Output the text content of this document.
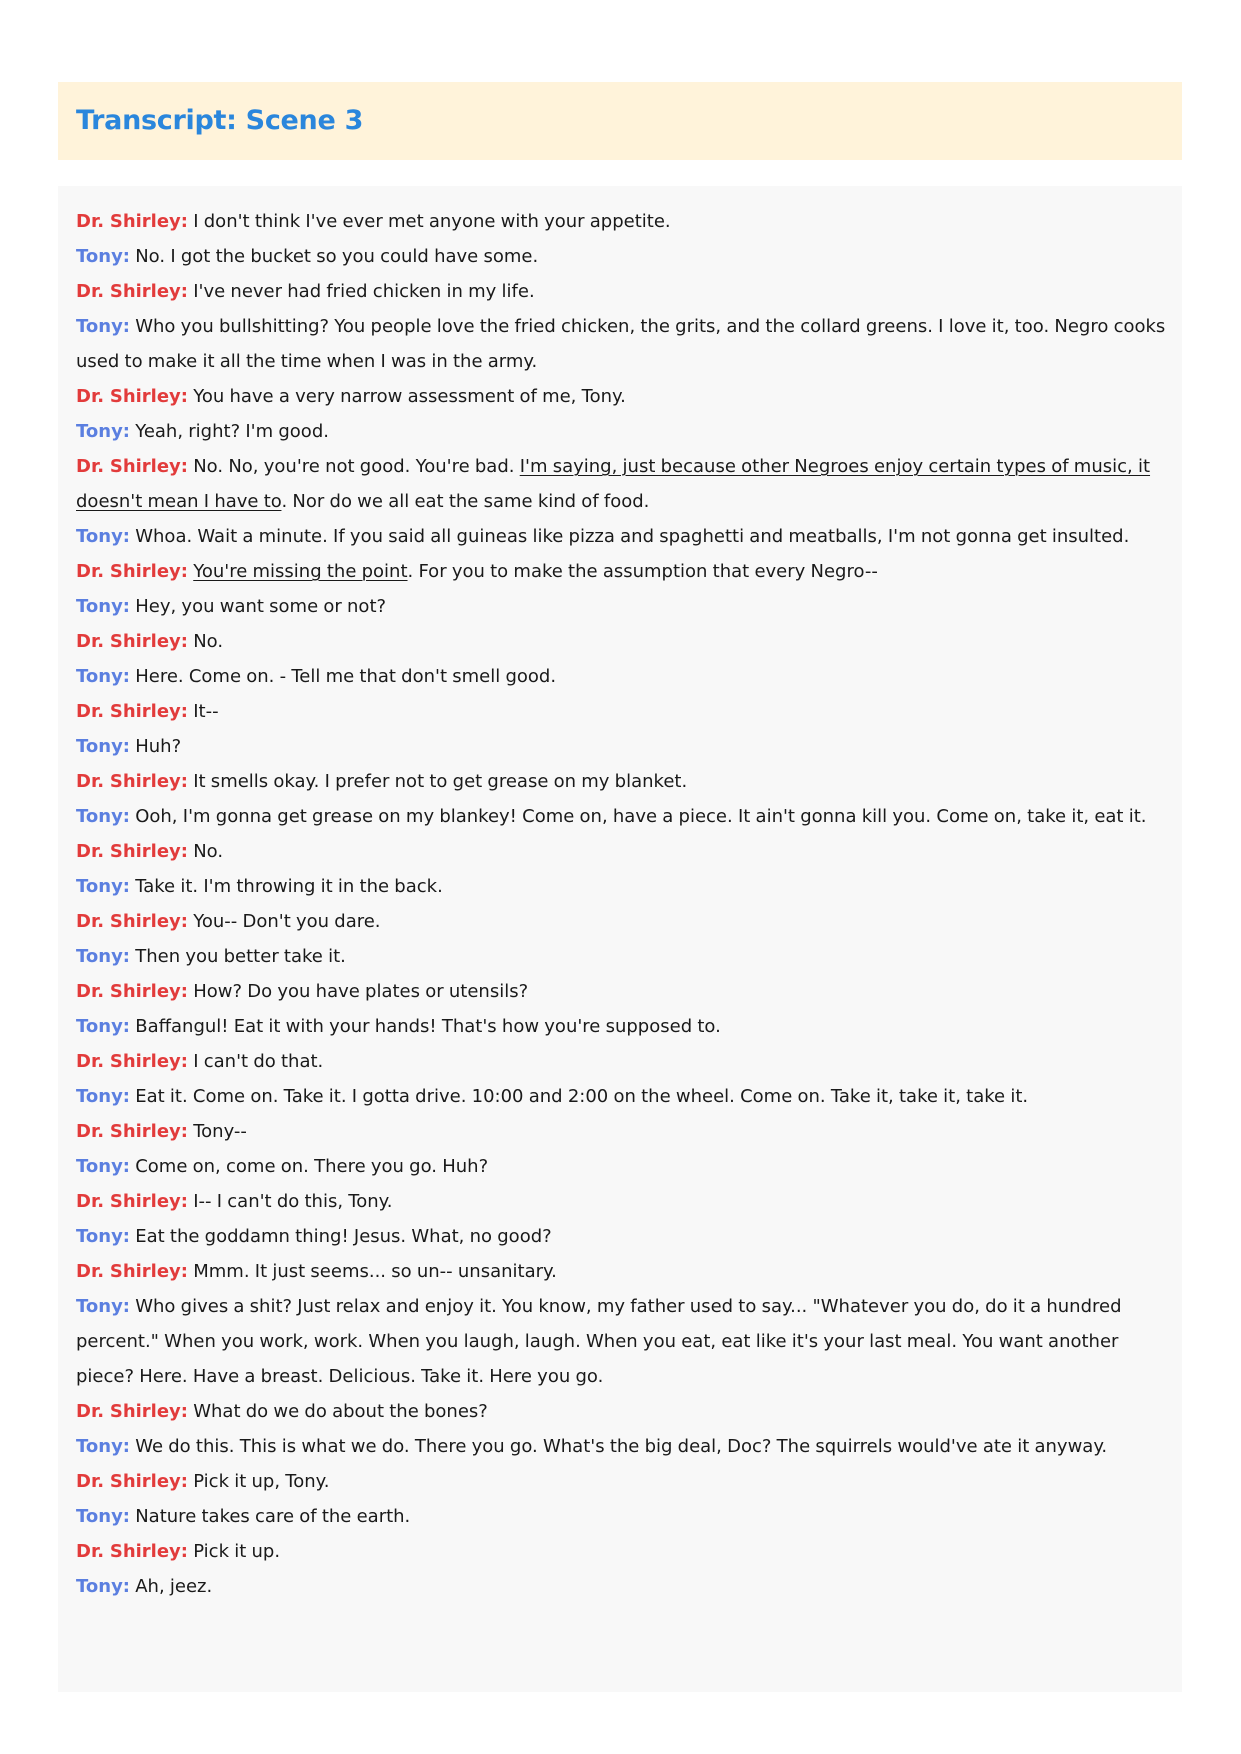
Transcript: Scene 3

Dr. Shirley: I don't think I've ever met anyone with your appetite.

Tony: No. I got the bucket so you could have some.

Dr. Shirley: I've never had fried chicken in my life.

Tony: Who you bullshitting? You people love the fried chicken, the grits, and the collard greens. I love it, too. Negro cooks used to make it all the time when I was in the army.

Dr. Shirley: You have a very narrow assessment of me, Tony.

Tony: Yeah, right? I'm good.

Dr. Shirley: No. No, you're not good. You're bad. I'm saying, just because other Negroes enjoy certain types of music, it doesn't mean I have to. Nor do we all eat the same kind of food.

Tony: Whoa. Wait a minute. If you said all guineas like pizza and spaghetti and meatballs, I'm not gonna get insulted.

Dr. Shirley: You're missing the point. For you to make the assumption that every Negro--

Tony: Hey, you want some or not?

Dr. Shirley: No.

Tony: Here. Come on. - Tell me that don't smell good.

Dr. Shirley: It--

Tony: Huh?

Dr. Shirley: It smells okay. I prefer not to get grease on my blanket.

Tony: Ooh, I'm gonna get grease on my blankey! Come on, have a piece. It ain't gonna kill you. Come on, take it, eat it.

Dr. Shirley: No.

Tony: Take it. I'm throwing it in the back.

Dr. Shirley: You-- Don't you dare.

Tony: Then you better take it.

Dr. Shirley: How? Do you have plates or utensils?

Tony: Baffangul! Eat it with your hands! That's how you're supposed to.

Dr. Shirley: I can't do that.

Tony: Eat it. Come on. Take it. I gotta drive. 10:00 and 2:00 on the wheel. Come on. Take it, take it, take it.

Dr. Shirley: Tony--

Tony: Come on, come on. There you go. Huh?

Dr. Shirley: I-- I can't do this, Tony.

Tony: Eat the goddamn thing! Jesus. What, no good?

Dr. Shirley: Mmm. It just seems... so un-- unsanitary.

Tony: Who gives a shit? Just relax and enjoy it. You know, my father used to say... "Whatever you do, do it a hundred percent." When you work, work. When you laugh, laugh. When you eat, eat like it's your last meal. You want another piece? Here. Have a breast. Delicious. Take it. Here you go.

Dr. Shirley: What do we do about the bones?

Tony: We do this. This is what we do. There you go. What's the big deal, Doc? The squirrels would've ate it anyway.

Dr. Shirley: Pick it up, Tony.

Tony: Nature takes care of the earth.

Dr. Shirley: Pick it up.

Tony: Ah, jeez.
